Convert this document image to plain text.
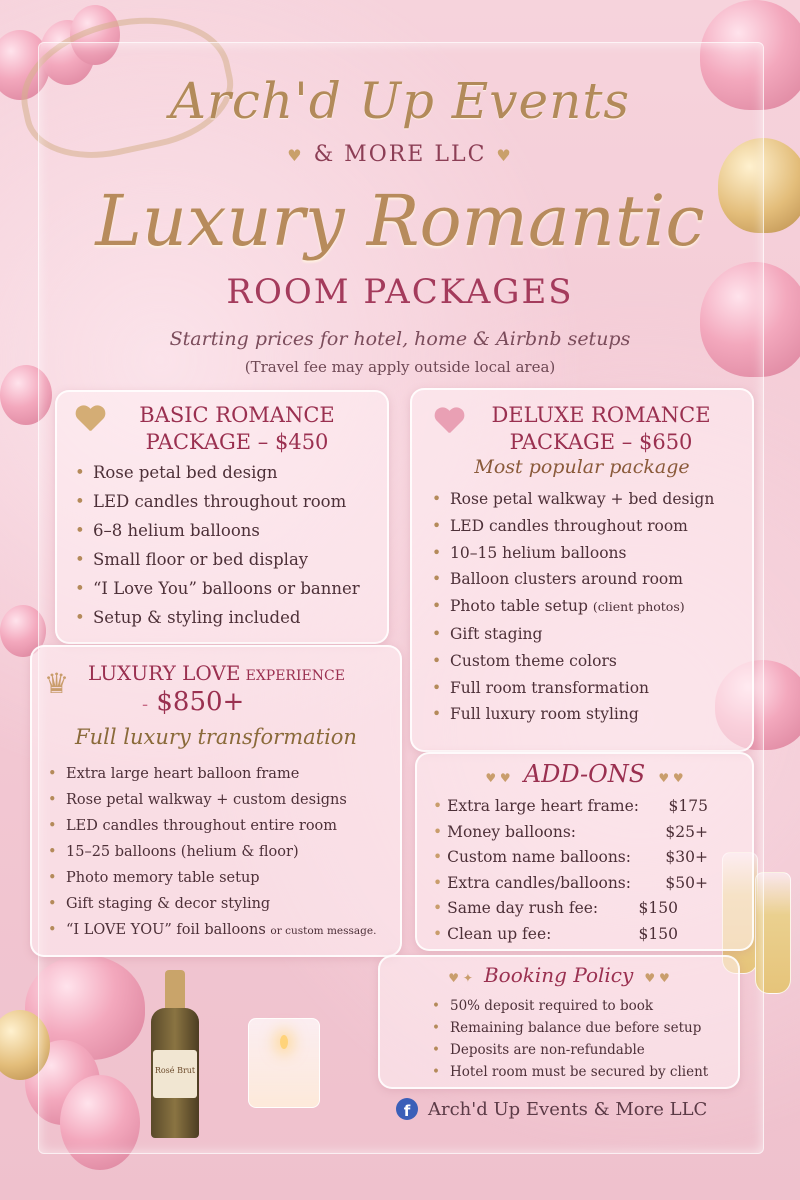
Rosé Brut
Arch'd Up Events
♥ & MORE LLC ♥
Luxury Romantic
ROOM PACKAGES
Starting prices for hotel, home & Airbnb setups
(Travel fee may apply outside local area)
BASIC ROMANCE
PACKAGE – $450
• Rose petal bed design
• LED candles throughout room
• 6–8 helium balloons
• Small floor or bed display
• “I Love You” balloons or banner
• Setup & styling included
DELUXE ROMANCE
PACKAGE – $650
Most popular package
• Rose petal walkway + bed design
• LED candles throughout room
• 10–15 helium balloons
• Balloon clusters around room
• Photo table setup (client photos)
• Gift staging
• Custom theme colors
• Full room transformation
• Full luxury room styling
♛ LUXURY LOVE EXPERIENCE
- $850+
Full luxury transformation
• Extra large heart balloon frame
• Rose petal walkway + custom designs
• LED candles throughout entire room
• 15–25 balloons (helium & floor)
• Photo memory table setup
• Gift staging & decor styling
• “I LOVE YOU” foil balloons or custom message.
♥ ♥ ADD-ONS ♥ ♥
• Extra large heart frame: $175
• Money balloons:	$25+
• Custom name balloons: $30+
• Extra candles/balloons: $50+
• Same day rush fee:	$150
• Clean up fee:	$150
♥ ✦ Booking Policy ♥ ♥
• 50% deposit required to book
• Remaining balance due before setup
• Deposits are non-refundable
• Hotel room must be secured by client
f Arch'd Up Events & More LLC
